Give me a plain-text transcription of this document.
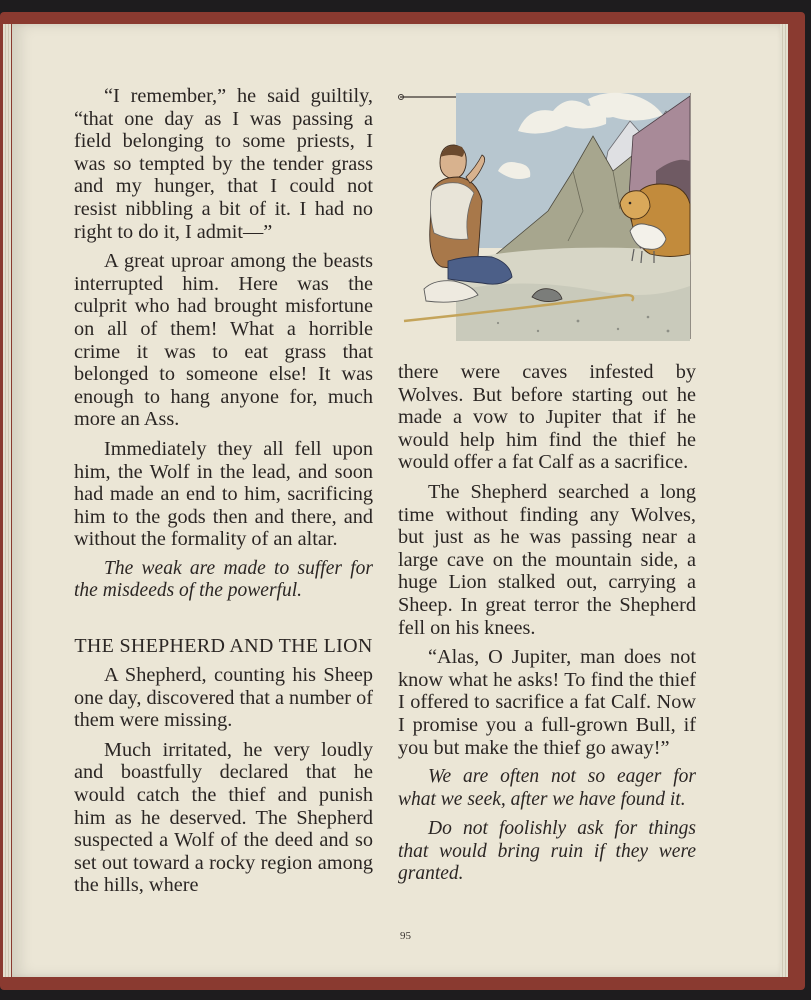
“I remember,” he said guiltily, “that one day as I was passing a field belonging to some priests, I was so tempted by the tender grass and my hunger, that I could not resist nibbling a bit of it. I had no right to do it, I admit—”

A great uproar among the beasts interrupted him. Here was the culprit who had brought misfortune on all of them! What a horrible crime it was to eat grass that belonged to someone else! It was enough to hang anyone for, much more an Ass.

Immediately they all fell upon him, the Wolf in the lead, and soon had made an end to him, sacrificing him to the gods then and there, and without the formality of an altar.

The weak are made to suffer for the misdeeds of the powerful.

THE SHEPHERD AND THE LION

A Shepherd, counting his Sheep one day, discovered that a number of them were missing.

Much irritated, he very loudly and boastfully declared that he would catch the thief and punish him as he deserved. The Shepherd suspected a Wolf of the deed and so set out toward a rocky region among the hills, where

there were caves infested by Wolves. But before starting out he made a vow to Jupiter that if he would help him find the thief he would offer a fat Calf as a sacrifice.

The Shepherd searched a long time without finding any Wolves, but just as he was passing near a large cave on the mountain side, a huge Lion stalked out, carrying a Sheep. In great terror the Shepherd fell on his knees.

“Alas, O Jupiter, man does not know what he asks! To find the thief I offered to sacrifice a fat Calf. Now I promise you a full-grown Bull, if you but make the thief go away!”

We are often not so eager for what we seek, after we have found it.

Do not foolishly ask for things that would bring ruin if they were granted.

95
